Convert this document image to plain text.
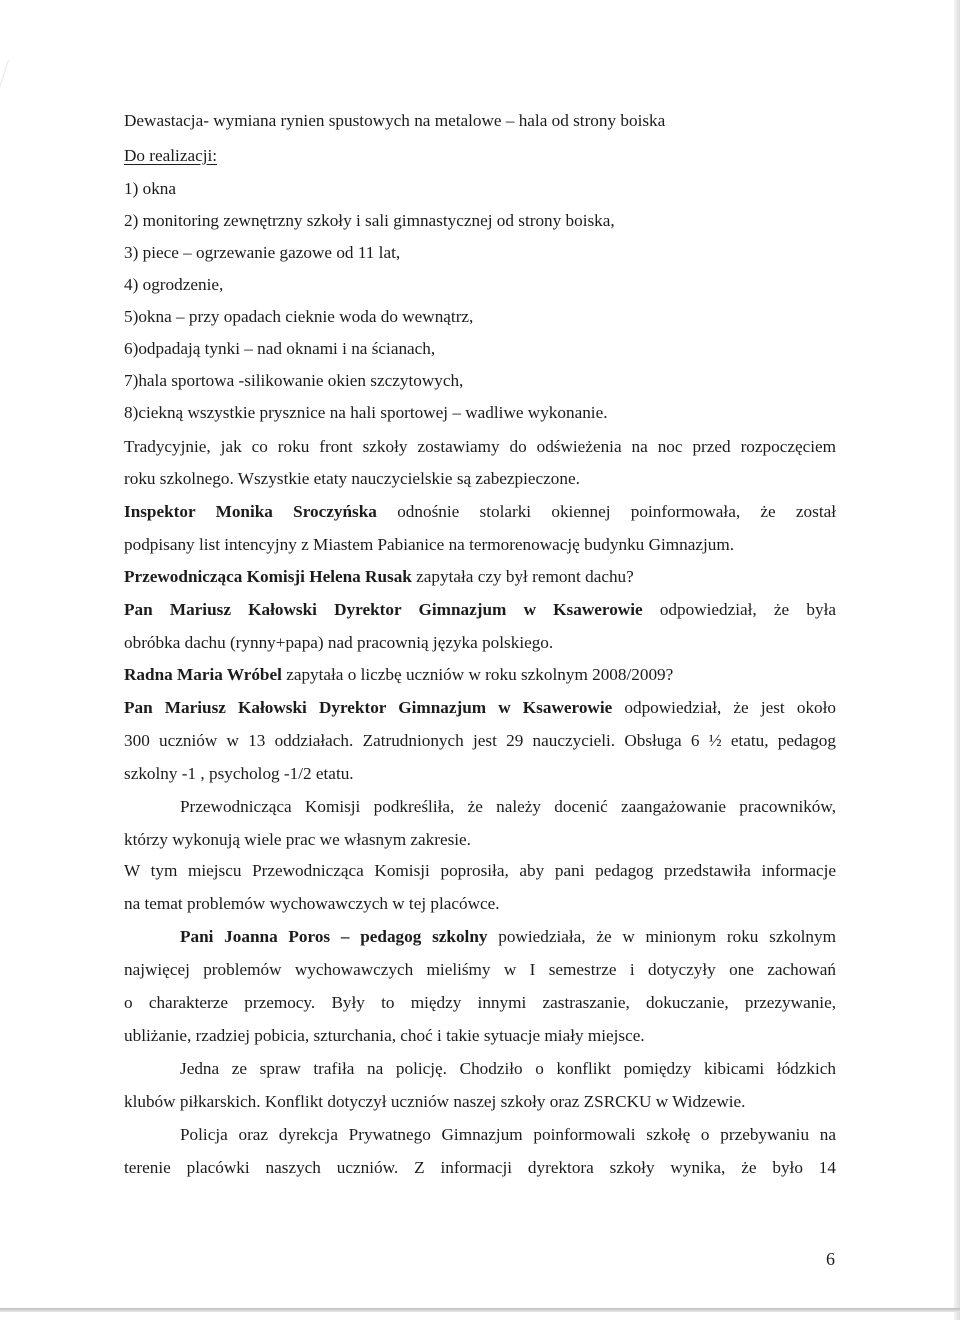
Dewastacja- wymiana rynien spustowych na metalowe – hala od strony boiska
Do realizacji:
1) okna
2) monitoring zewnętrzny szkoły i sali gimnastycznej od strony boiska,
3) piece – ogrzewanie gazowe od 11 lat,
4) ogrodzenie,
5)okna – przy opadach cieknie woda do wewnątrz,
6)odpadają tynki – nad oknami i na ścianach,
7)hala sportowa -silikowanie okien szczytowych,
8)ciekną wszystkie prysznice na hali sportowej – wadliwe wykonanie.
Tradycyjnie, jak co roku front szkoły zostawiamy do odświeżenia na noc przed rozpoczęciem
roku szkolnego. Wszystkie etaty nauczycielskie są zabezpieczone.
Inspektor Monika Sroczyńska odnośnie stolarki okiennej poinformowała, że został
podpisany list intencyjny z Miastem Pabianice na termorenowację budynku Gimnazjum.
Przewodnicząca Komisji Helena Rusak zapytała czy był remont dachu?
Pan Mariusz Kałowski Dyrektor Gimnazjum w Ksawerowie odpowiedział, że była
obróbka dachu (rynny+papa) nad pracownią języka polskiego.
Radna Maria Wróbel zapytała o liczbę uczniów w roku szkolnym 2008/2009?
Pan Mariusz Kałowski Dyrektor Gimnazjum w Ksawerowie odpowiedział, że jest około
300 uczniów w 13 oddziałach. Zatrudnionych jest 29 nauczycieli. Obsługa 6 ½ etatu, pedagog
szkolny -1 , psycholog -1/2 etatu.
Przewodnicząca Komisji podkreśliła, że należy docenić zaangażowanie pracowników,
którzy wykonują wiele prac we własnym zakresie.
W tym miejscu Przewodnicząca Komisji poprosiła, aby pani pedagog przedstawiła informacje
na temat problemów wychowawczych w tej placówce.
Pani Joanna Poros – pedagog szkolny powiedziała, że w minionym roku szkolnym
najwięcej problemów wychowawczych mieliśmy w I semestrze i dotyczyły one zachowań
o charakterze przemocy. Były to między innymi zastraszanie, dokuczanie, przezywanie,
ubliżanie, rzadziej pobicia, szturchania, choć i takie sytuacje miały miejsce.
Jedna ze spraw trafiła na policję. Chodziło o konflikt pomiędzy kibicami łódzkich
klubów piłkarskich. Konflikt dotyczył uczniów naszej szkoły oraz ZSRCKU w Widzewie.
Policja oraz dyrekcja Prywatnego Gimnazjum poinformowali szkołę o przebywaniu na
terenie placówki naszych uczniów. Z informacji dyrektora szkoły wynika, że było 14
6
